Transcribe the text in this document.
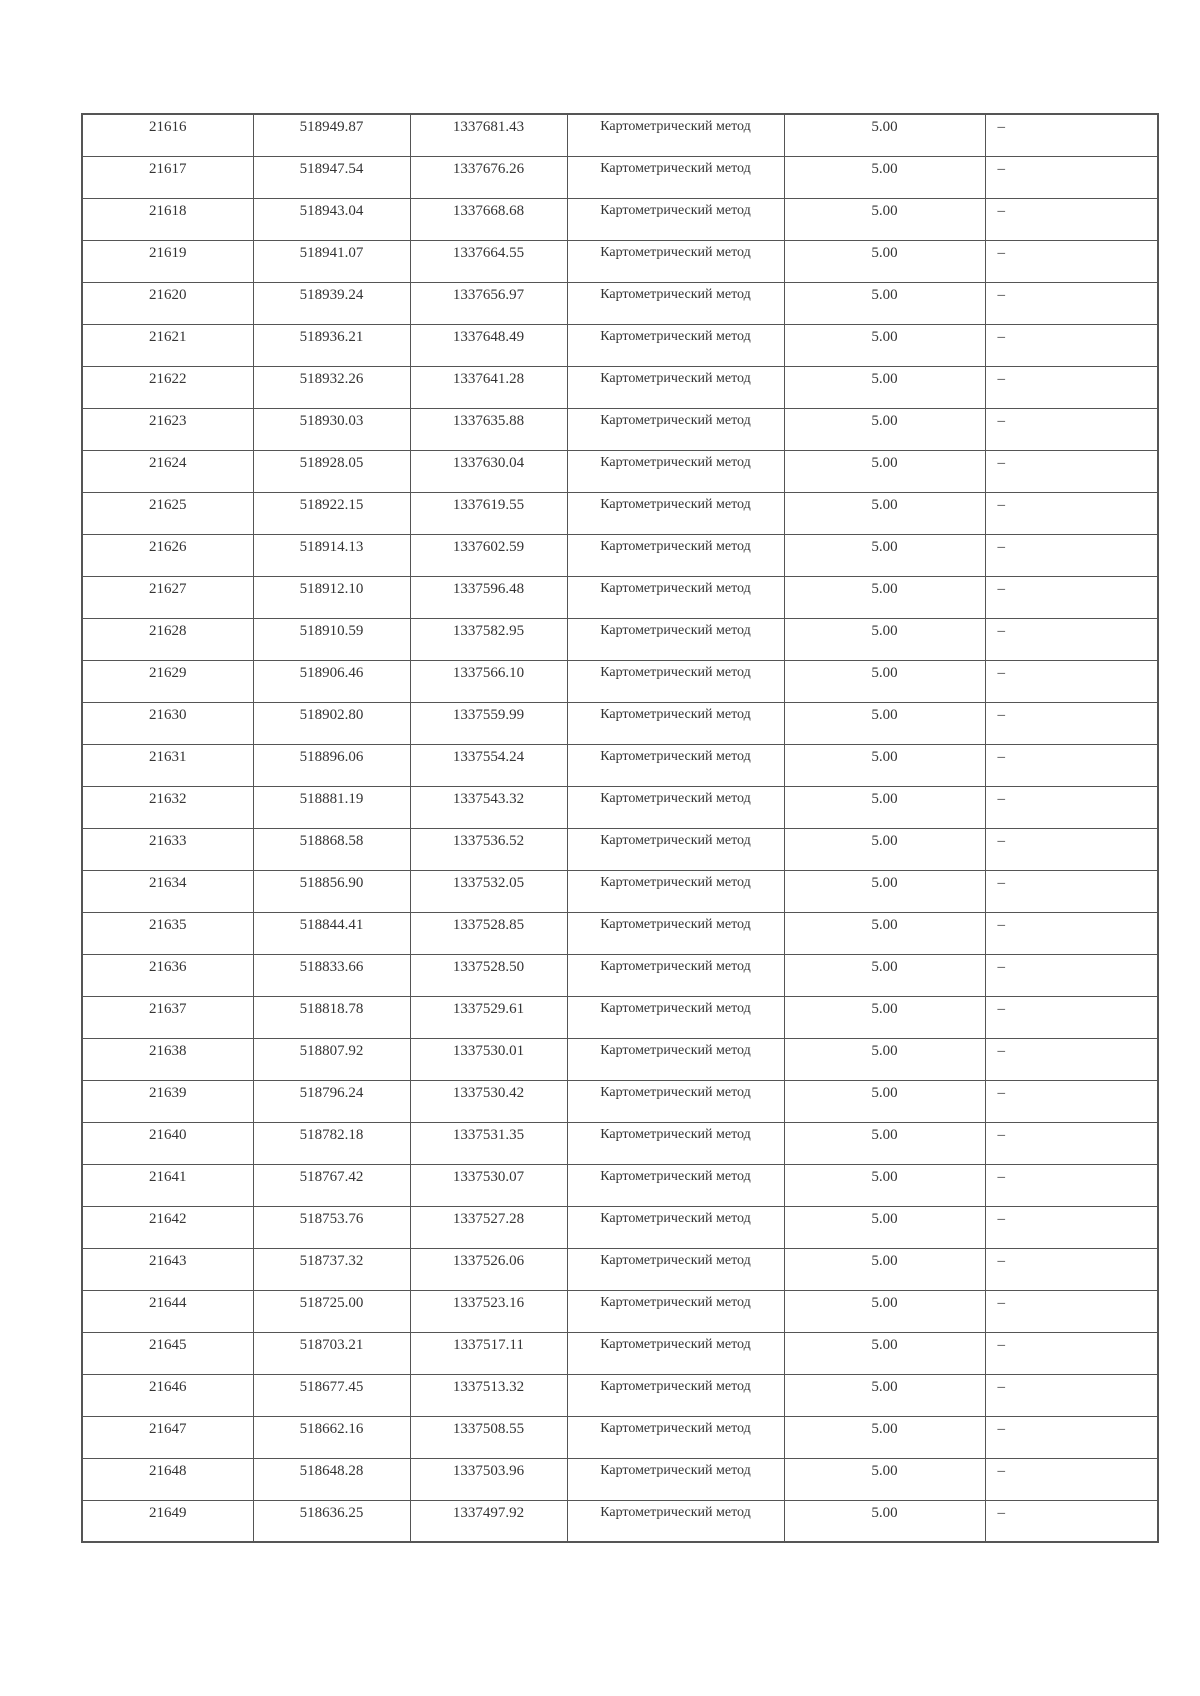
21616	518949.87	1337681.43	Картометрический метод	5.00	–
21617	518947.54	1337676.26	Картометрический метод	5.00	–
21618	518943.04	1337668.68	Картометрический метод	5.00	–
21619	518941.07	1337664.55	Картометрический метод	5.00	–
21620	518939.24	1337656.97	Картометрический метод	5.00	–
21621	518936.21	1337648.49	Картометрический метод	5.00	–
21622	518932.26	1337641.28	Картометрический метод	5.00	–
21623	518930.03	1337635.88	Картометрический метод	5.00	–
21624	518928.05	1337630.04	Картометрический метод	5.00	–
21625	518922.15	1337619.55	Картометрический метод	5.00	–
21626	518914.13	1337602.59	Картометрический метод	5.00	–
21627	518912.10	1337596.48	Картометрический метод	5.00	–
21628	518910.59	1337582.95	Картометрический метод	5.00	–
21629	518906.46	1337566.10	Картометрический метод	5.00	–
21630	518902.80	1337559.99	Картометрический метод	5.00	–
21631	518896.06	1337554.24	Картометрический метод	5.00	–
21632	518881.19	1337543.32	Картометрический метод	5.00	–
21633	518868.58	1337536.52	Картометрический метод	5.00	–
21634	518856.90	1337532.05	Картометрический метод	5.00	–
21635	518844.41	1337528.85	Картометрический метод	5.00	–
21636	518833.66	1337528.50	Картометрический метод	5.00	–
21637	518818.78	1337529.61	Картометрический метод	5.00	–
21638	518807.92	1337530.01	Картометрический метод	5.00	–
21639	518796.24	1337530.42	Картометрический метод	5.00	–
21640	518782.18	1337531.35	Картометрический метод	5.00	–
21641	518767.42	1337530.07	Картометрический метод	5.00	–
21642	518753.76	1337527.28	Картометрический метод	5.00	–
21643	518737.32	1337526.06	Картометрический метод	5.00	–
21644	518725.00	1337523.16	Картометрический метод	5.00	–
21645	518703.21	1337517.11	Картометрический метод	5.00	–
21646	518677.45	1337513.32	Картометрический метод	5.00	–
21647	518662.16	1337508.55	Картометрический метод	5.00	–
21648	518648.28	1337503.96	Картометрический метод	5.00	–
21649	518636.25	1337497.92	Картометрический метод	5.00	–
